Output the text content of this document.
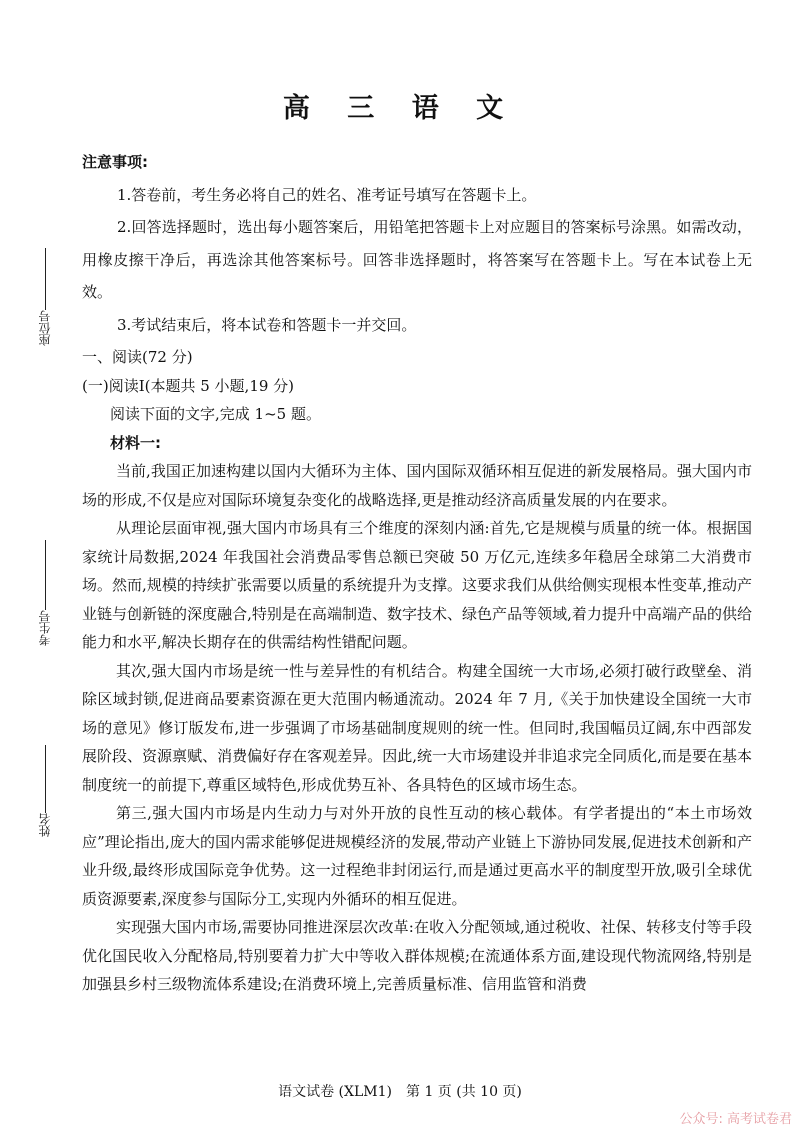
高 三 语 文
注意事项:
1.答卷前，考生务必将自己的姓名、准考证号填写在答题卡上。
2.回答选择题时，选出每小题答案后，用铅笔把答题卡上对应题目的答案标号涂黑。如需改动，用橡皮擦干净后，再选涂其他答案标号。回答非选择题时，将答案写在答题卡上。写在本试卷上无效。
3.考试结束后，将本试卷和答题卡一并交回。
座位号
考生号
姓名
一、阅读(72 分)
(一)阅读Ⅰ(本题共 5 小题,19 分)
阅读下面的文字,完成 1~5 题。
材料一:
当前,我国正加速构建以国内大循环为主体、国内国际双循环相互促进的新发展格局。强大国内市场的形成,不仅是应对国际环境复杂变化的战略选择,更是推动经济高质量发展的内在要求。
从理论层面审视,强大国内市场具有三个维度的深刻内涵:首先,它是规模与质量的统一体。根据国家统计局数据,2024 年我国社会消费品零售总额已突破 50 万亿元,连续多年稳居全球第二大消费市场。然而,规模的持续扩张需要以质量的系统提升为支撑。这要求我们从供给侧实现根本性变革,推动产业链与创新链的深度融合,特别是在高端制造、数字技术、绿色产品等领域,着力提升中高端产品的供给能力和水平,解决长期存在的供需结构性错配问题。
其次,强大国内市场是统一性与差异性的有机结合。构建全国统一大市场,必须打破行政壁垒、消除区域封锁,促进商品要素资源在更大范围内畅通流动。2024 年 7 月,《关于加快建设全国统一大市场的意见》修订版发布,进一步强调了市场基础制度规则的统一性。但同时,我国幅员辽阔,东中西部发展阶段、资源禀赋、消费偏好存在客观差异。因此,统一大市场建设并非追求完全同质化,而是要在基本制度统一的前提下,尊重区域特色,形成优势互补、各具特色的区域市场生态。
第三,强大国内市场是内生动力与对外开放的良性互动的核心载体。有学者提出的“本土市场效应”理论指出,庞大的国内需求能够促进规模经济的发展,带动产业链上下游协同发展,促进技术创新和产业升级,最终形成国际竞争优势。这一过程绝非封闭运行,而是通过更高水平的制度型开放,吸引全球优质资源要素,深度参与国际分工,实现内外循环的相互促进。
实现强大国内市场,需要协同推进深层次改革:在收入分配领域,通过税收、社保、转移支付等手段优化国民收入分配格局,特别要着力扩大中等收入群体规模;在流通体系方面,建设现代物流网络,特别是加强县乡村三级物流体系建设;在消费环境上,完善质量标准、信用监管和消费
语文试卷 (XLM1)　第 1 页 (共 10 页)
公众号: 高考试卷君
